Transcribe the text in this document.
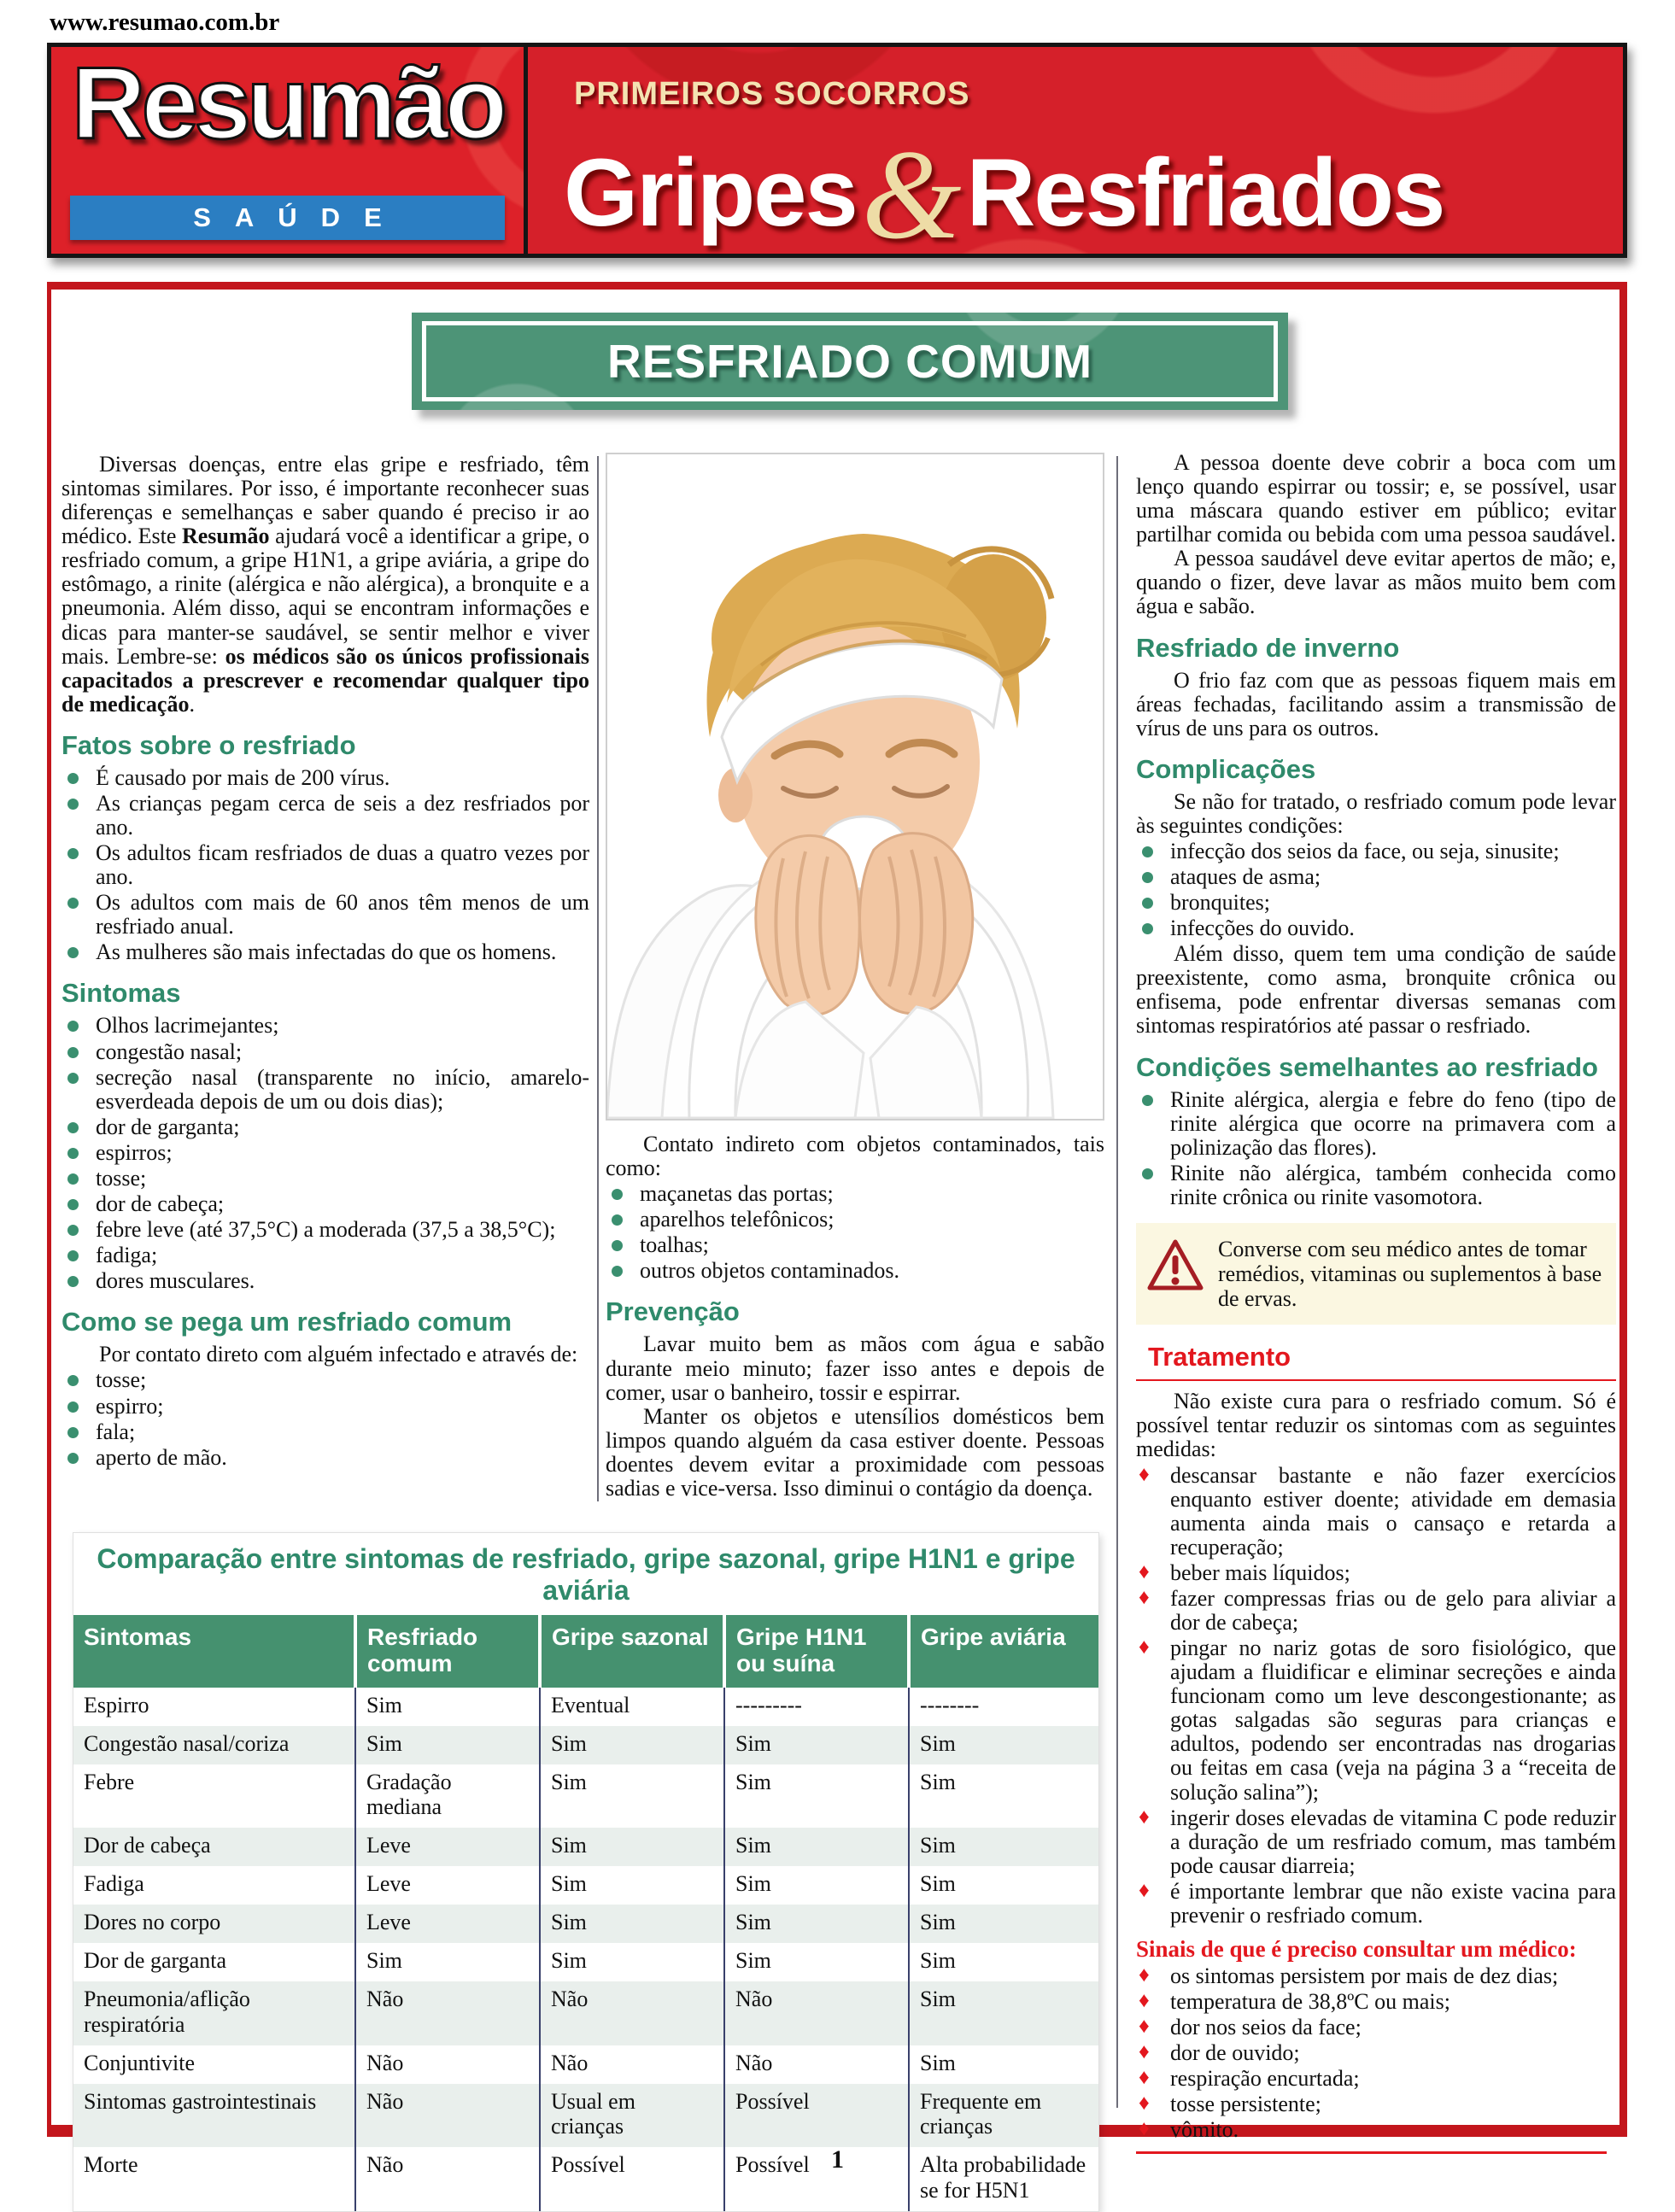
www.resumao.com.br
Resumão
SAÚDE
PRIMEIROS SOCORROS
Gripes & Resfriados
RESFRIADO COMUM

Diversas doenças, entre elas gripe e resfriado, têm sintomas similares. Por isso, é importante reconhecer suas diferenças e semelhanças e saber quando é preciso ir ao médico. Este Resumão ajudará você a identificar a gripe, o resfriado comum, a gripe H1N1, a gripe aviária, a gripe do estômago, a rinite (alérgica e não alérgica), a bronquite e a pneumonia. Além disso, aqui se encontram informações e dicas para manter-se saudável, se sentir melhor e viver mais. Lembre-se: os médicos são os únicos profissionais capacitados a prescrever e recomendar qualquer tipo de medicação.

Fatos sobre o resfriado
É causado por mais de 200 vírus.
As crianças pegam cerca de seis a dez resfriados por ano.
Os adultos ficam resfriados de duas a quatro vezes por ano.
Os adultos com mais de 60 anos têm menos de um resfriado anual.
As mulheres são mais infectadas do que os homens.
Sintomas
Olhos lacrimejantes;
congestão nasal;
secreção nasal (transparente no início, amarelo-esverdeada depois de um ou dois dias);
dor de garganta;
espirros;
tosse;
dor de cabeça;
febre leve (até 37,5°C) a moderada (37,5 a 38,5°C);
fadiga;
dores musculares.
Como se pega um resfriado comum

Por contato direto com alguém infectado e através de:

tosse;
espirro;
fala;
aperto de mão.

Contato indireto com objetos contaminados, tais como:

maçanetas das portas;
aparelhos telefônicos;
toalhas;
outros objetos contaminados.
Prevenção

Lavar muito bem as mãos com água e sabão durante meio minuto; fazer isso antes e depois de comer, usar o banheiro, tossir e espirrar.

Manter os objetos e utensílios domésticos bem limpos quando alguém da casa estiver doente. Pessoas doentes devem evitar a proximidade com pessoas sadias e vice-versa. Isso diminui o contágio da doença.

A pessoa doente deve cobrir a boca com um lenço quando espirrar ou tossir; e, se possível, usar uma máscara quando estiver em público; evitar partilhar comida ou bebida com uma pessoa saudável.

A pessoa saudável deve evitar apertos de mão; e, quando o fizer, deve lavar as mãos muito bem com água e sabão.

Resfriado de inverno

O frio faz com que as pessoas fiquem mais em áreas fechadas, facilitando assim a transmissão de vírus de uns para os outros.

Complicações

Se não for tratado, o resfriado comum pode levar às seguintes condições:

infecção dos seios da face, ou seja, sinusite;
ataques de asma;
bronquites;
infecções do ouvido.

Além disso, quem tem uma condição de saúde preexistente, como asma, bronquite crônica ou enfisema, pode enfrentar diversas semanas com sintomas respiratórios até passar o resfriado.

Condições semelhantes ao resfriado
Rinite alérgica, alergia e febre do feno (tipo de rinite alérgica que ocorre na primavera com a polinização das flores).
Rinite não alérgica, também conhecida como rinite crônica ou rinite vasomotora.
Converse com seu médico antes de tomar remédios, vitaminas ou suplementos à base de ervas.
Tratamento

Não existe cura para o resfriado comum. Só é possível tentar reduzir os sintomas com as seguintes medidas:

♦ descansar bastante e não fazer exercícios enquanto estiver doente; atividade em demasia aumenta ainda mais o cansaço e retarda a recuperação;
♦ beber mais líquidos;
♦ fazer compressas frias ou de gelo para aliviar a dor de cabeça;
♦ pingar no nariz gotas de soro fisiológico, que ajudam a fluidificar e eliminar secreções e ainda funcionam como um leve descongestionante; as gotas salgadas são seguras para crianças e adultos, podendo ser encontradas nas drogarias ou feitas em casa (veja na página 3 a “receita de solução salina”);
♦ ingerir doses elevadas de vitamina C pode reduzir a duração de um resfriado comum, mas também pode causar diarreia;
♦ é importante lembrar que não existe vacina para prevenir o resfriado comum.
Sinais de que é preciso consultar um médico:
♦ os sintomas persistem por mais de dez dias;
♦ temperatura de 38,8ºC ou mais;
♦ dor nos seios da face;
♦ dor de ouvido;
♦ respiração encurtada;
♦ tosse persistente;
♦ vômito.
Comparação entre sintomas de resfriado, gripe sazonal, gripe H1N1 e gripe aviária
Sintomas	Resfriado comum	Gripe sazonal	Gripe H1N1 ou suína	Gripe aviária
Espirro	Sim	Eventual	---------	--------
Congestão nasal/coriza	Sim	Sim	Sim	Sim
Febre	Gradação mediana	Sim	Sim	Sim
Dor de cabeça	Leve	Sim	Sim	Sim
Fadiga	Leve	Sim	Sim	Sim
Dores no corpo	Leve	Sim	Sim	Sim
Dor de garganta	Sim	Sim	Sim	Sim
Pneumonia/aflição respiratória	Não	Não	Não	Sim
Conjuntivite	Não	Não	Não	Sim
Sintomas gastrointestinais	Não	Usual em crianças	Possível	Frequente em crianças
Morte	Não	Possível	Possível	Alta probabilidade se for H5N1
1
